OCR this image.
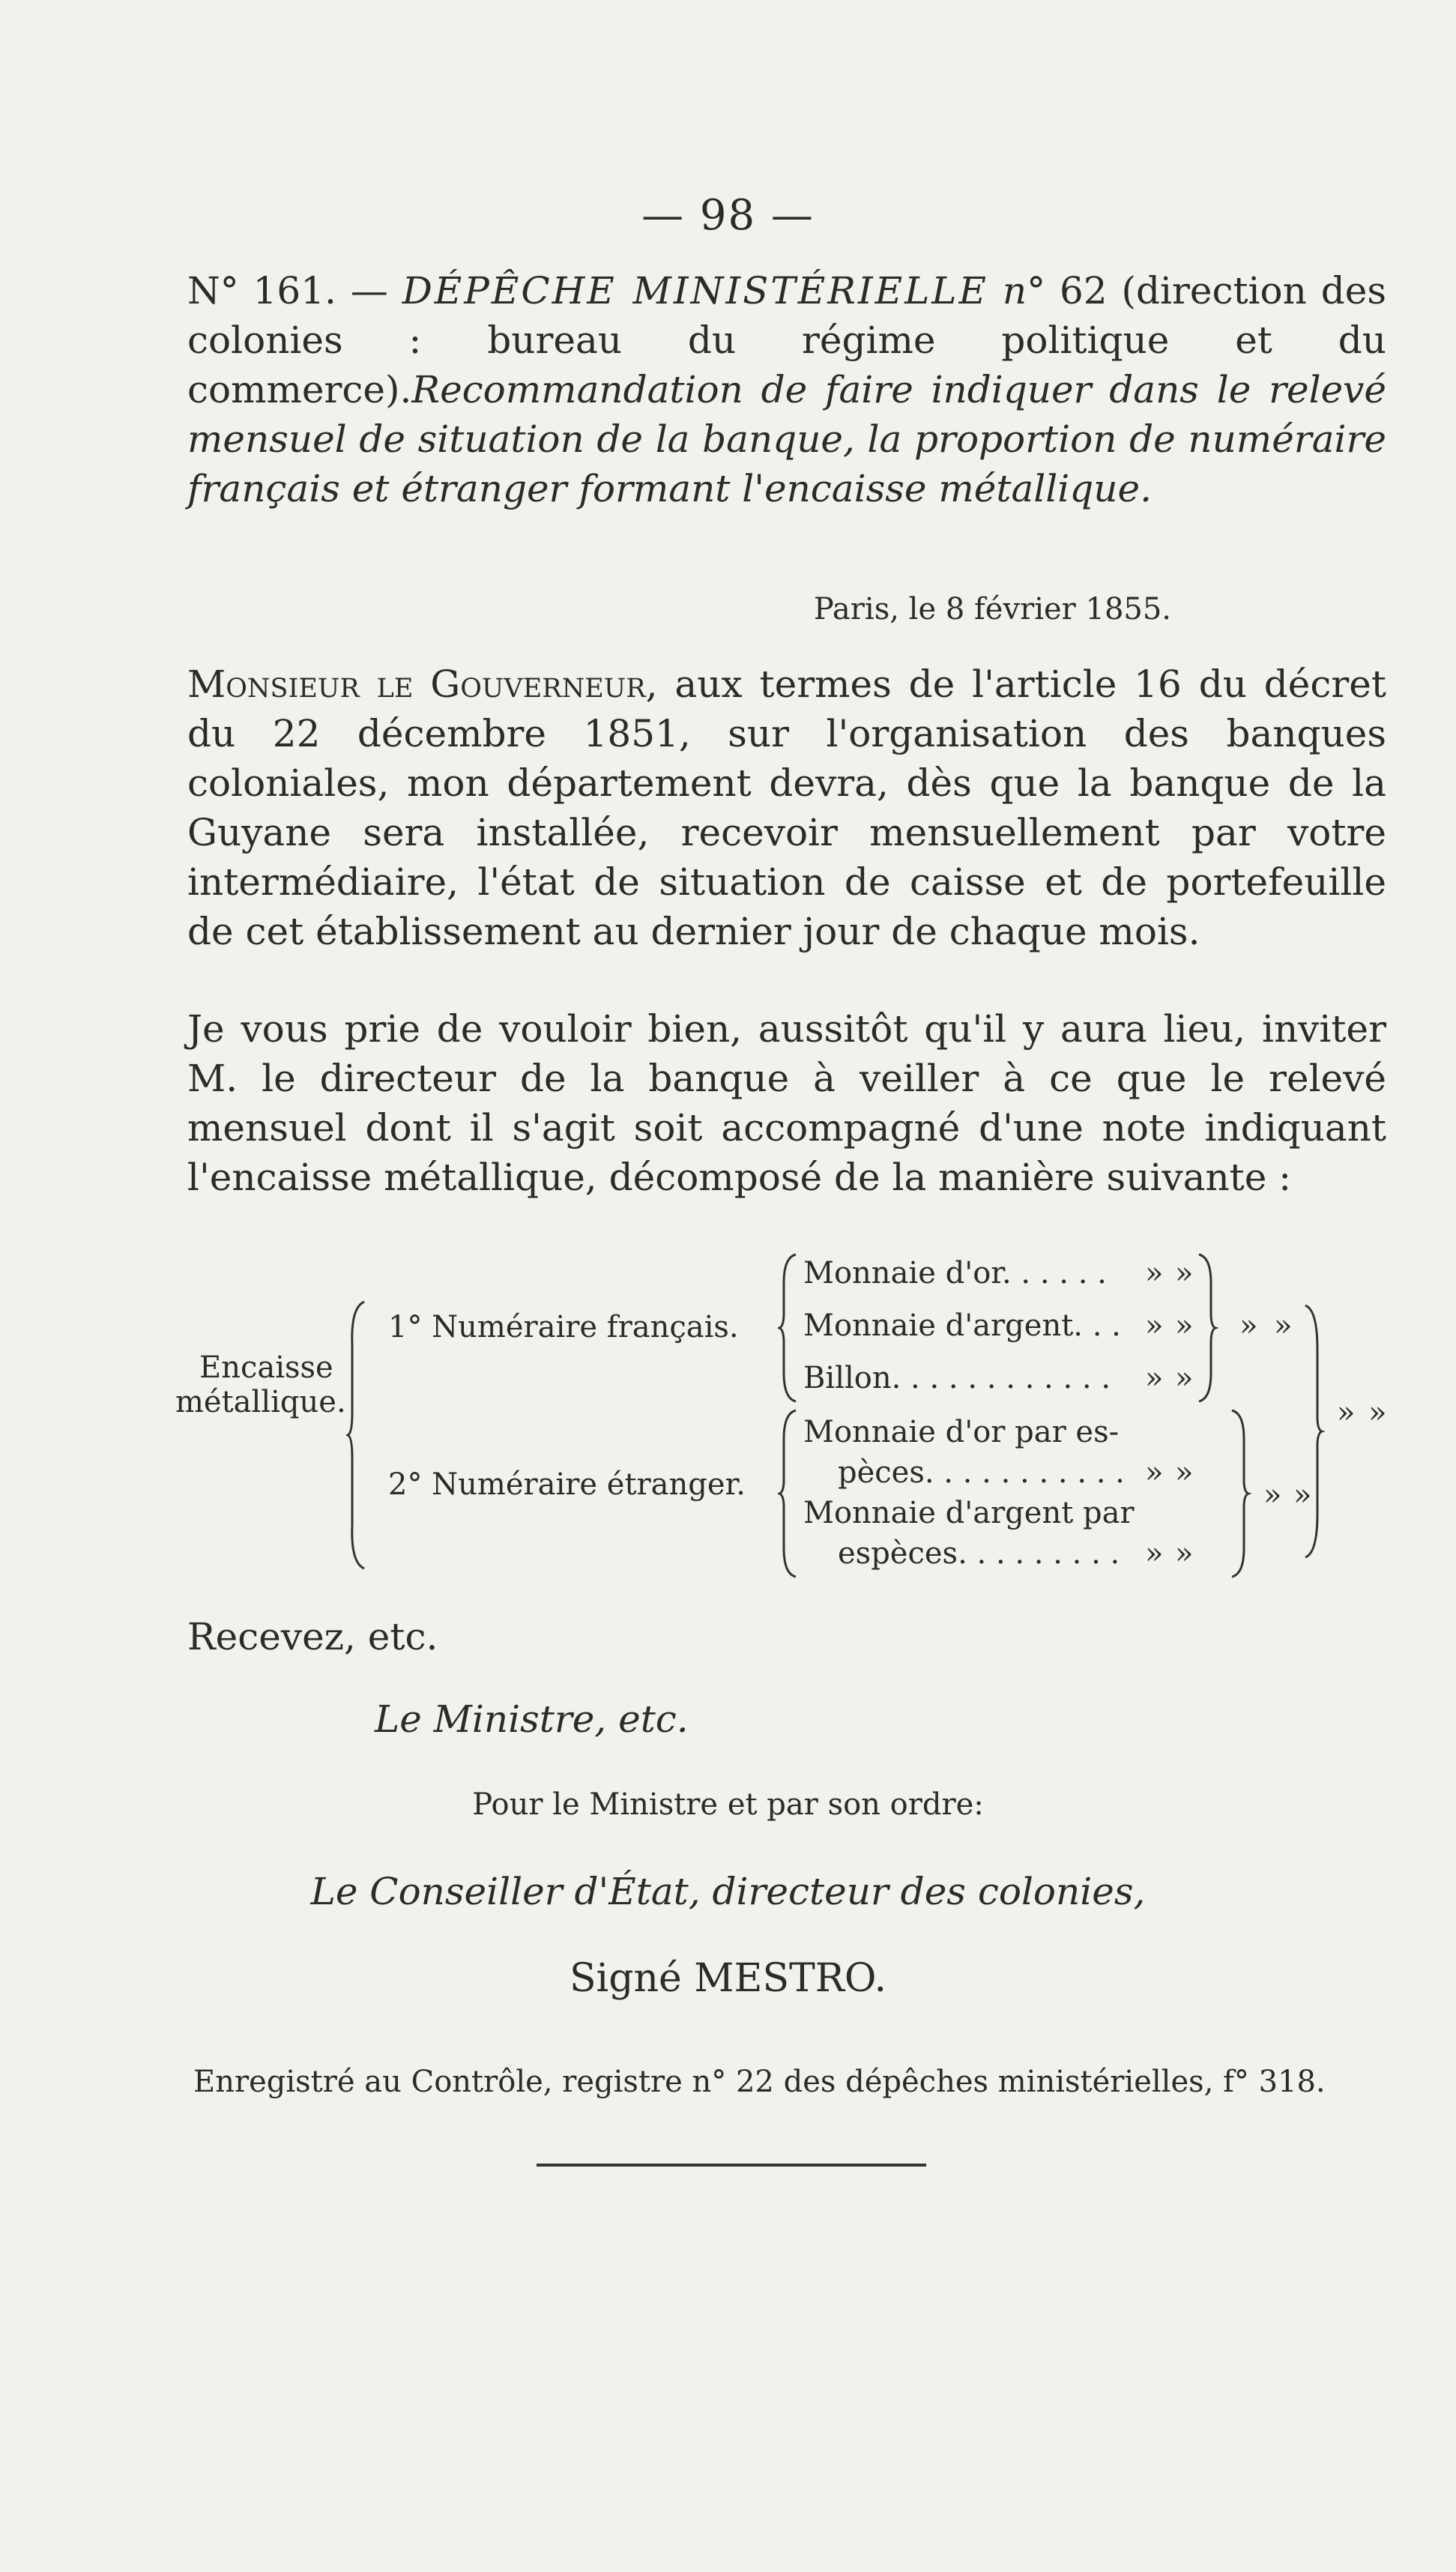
— 98 —
N° 161. — DÉPÊCHE MINISTÉRIELLE n° 62 (direction des colonies : bureau du régime politique et du commerce).Recommandation de faire indiquer dans le relevé mensuel de situation de la banque, la proportion de numéraire français et étranger formant l'encaisse métallique.
Paris, le 8 février 1855.
Monsieur le Gouverneur, aux termes de l'article 16 du décret du 22 décembre 1851, sur l'organisation des banques coloniales, mon département devra, dès que la banque de la Guyane sera installée, recevoir mensuellement par votre intermédiaire, l'état de situation de caisse et de portefeuille de cet établissement au dernier jour de chaque mois.
Je vous prie de vouloir bien, aussitôt qu'il y aura lieu, inviter M. le directeur de la banque à veiller à ce que le relevé mensuel dont il s'agit soit accompagné d'une note indiquant l'encaisse métallique, décomposé de la manière suivante :
Encaisse
métallique.
1° Numéraire français.
2° Numéraire étranger.
Monnaie d'or. . . . . . » »
Monnaie d'argent. . . » »
Billon. . . . . . . . . . . . » »
» »
Monnaie d'or par es-
pèces. . . . . . . . . . . » »
Monnaie d'argent par
espèces. . . . . . . . . » »
» »
» »
Recevez, etc.
Le Ministre, etc.
Pour le Ministre et par son ordre:
Le Conseiller d'État, directeur des colonies,
Signé MESTRO.
Enregistré au Contrôle, registre n° 22 des dépêches ministérielles, f° 318.
